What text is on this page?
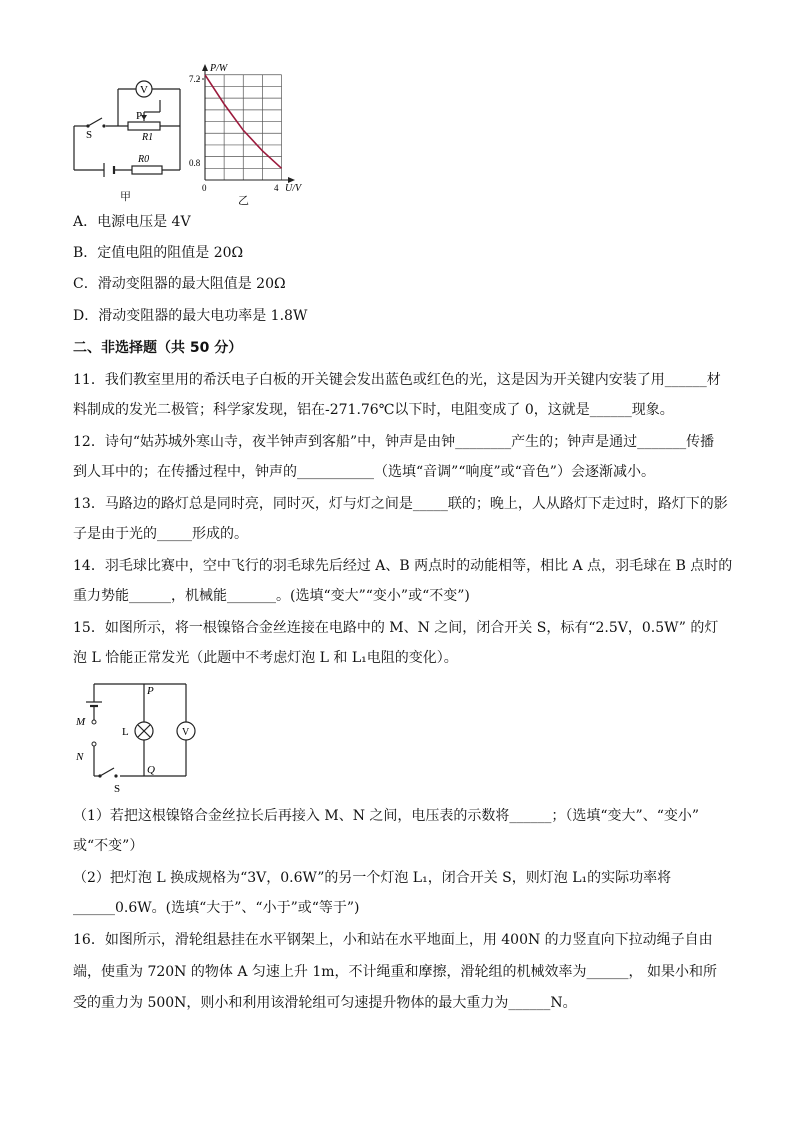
V
S
P
R1
R0
甲
P/W
U/V
7.2
0.8
0	4
乙
A．电源电压是 4V
B．定值电阻的阻值是 20Ω
C．滑动变阻器的最大阻值是 20Ω
D．滑动变阻器的最大电功率是 1.8W
二、非选择题（共 50 分）
11．我们教室里用的希沃电子白板的开关键会发出蓝色或红色的光，这是因为开关键内安装了用______材
料制成的发光二极管；科学家发现，铝在-271.76℃以下时，电阻变成了 0，这就是______现象。
12．诗句“姑苏城外寒山寺，夜半钟声到客船”中，钟声是由钟________产生的；钟声是通过_______传播
到人耳中的；在传播过程中，钟声的___________（选填“音调”“响度”或“音色”）会逐渐减小。
13．马路边的路灯总是同时亮，同时灭，灯与灯之间是_____联的；晚上，人从路灯下走过时，路灯下的影
子是由于光的_____形成的。
14．羽毛球比赛中，空中飞行的羽毛球先后经过 A、B 两点时的动能相等，相比 A 点，羽毛球在 B 点时的
重力势能______，机械能_______。(选填“变大”“变小”或“不变”)
15．如图所示，将一根镍铬合金丝连接在电路中的 M、N 之间，闭合开关 S，标有“2.5V，0.5W” 的灯
泡 L 恰能正常发光（此题中不考虑灯泡 L 和 L₁电阻的变化）。
M
N
P
Q
L
S
V
（1）若把这根镍铬合金丝拉长后再接入 M、N 之间，电压表的示数将______；（选填“变大”、“变小”
或“不变”）
（2）把灯泡 L 换成规格为“3V，0.6W”的另一个灯泡 L₁，闭合开关 S，则灯泡 L₁的实际功率将
______0.6W。(选填“大于”、“小于”或“等于”)
16．如图所示，滑轮组悬挂在水平钢架上，小和站在水平地面上，用 400N 的力竖直向下拉动绳子自由
端，使重为 720N 的物体 A 匀速上升 1m，不计绳重和摩擦，滑轮组的机械效率为______， 如果小和所
受的重力为 500N，则小和利用该滑轮组可匀速提升物体的最大重力为______N。
